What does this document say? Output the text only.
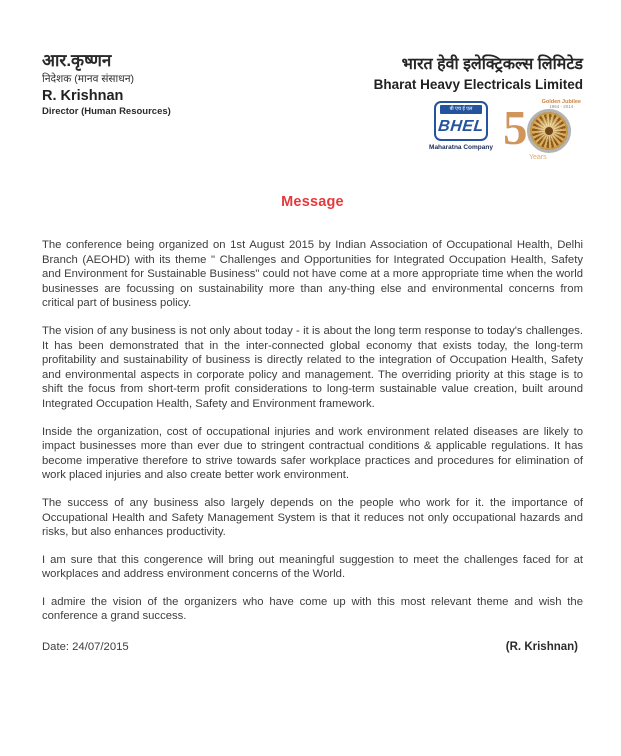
आर.कृष्णन
निदेशक (मानव संसाधन)
R. Krishnan
Director (Human Resources)
भारत हेवी इलेक्ट्रिकल्स लिमिटेड
Bharat Heavy Electricals Limited
बी एच ई एल
BHEL
Maharatna Company 5	Golden Jubilee
1964 - 2014
Years
Message

The conference being organized on 1st August 2015 by Indian Association of Occupational Health, Delhi Branch (AEOHD) with its theme " Challenges and Opportunities for Integrated Occupation Health, Safety and Environment for Sustainable Business" could not have come at a more appropriate time when the world businesses are focussing on sustainability more than any-thing else and environmental concerns from critical part of business policy.

The vision of any business is not only about today - it is about the long term response to today's challenges. It has been demonstrated that in the inter-connected global economy that exists today, the long-term profitability and sustainability of business is directly related to the integration of Occupation Health, Safety and environmental aspects in corporate policy and management. The overriding priority at this stage is to shift the focus from short-term profit considerations to long-term sustainable value creation, built around Integrated Occupation Health, Safety and Environment framework.

Inside the organization, cost of occupational injuries and work environment related diseases are likely to impact businesses more than ever due to stringent contractual conditions & applicable regulations. It has become imperative therefore to strive towards safer workplace practices and procedures for elimination of work placed injuries and also create better work environment.

The success of any business also largely depends on the people who work for it. the importance of Occupational Health and Safety Management System is that it reduces not only occupational hazards and risks, but also enhances productivity.

I am sure that this congerence will bring out meaningful suggestion to meet the challenges faced for at workplaces and address environment concerns of the World.

I admire the vision of the organizers who have come up with this most relevant theme and wish the conference a grand success.

Date: 24/07/2015	(R. Krishnan)
